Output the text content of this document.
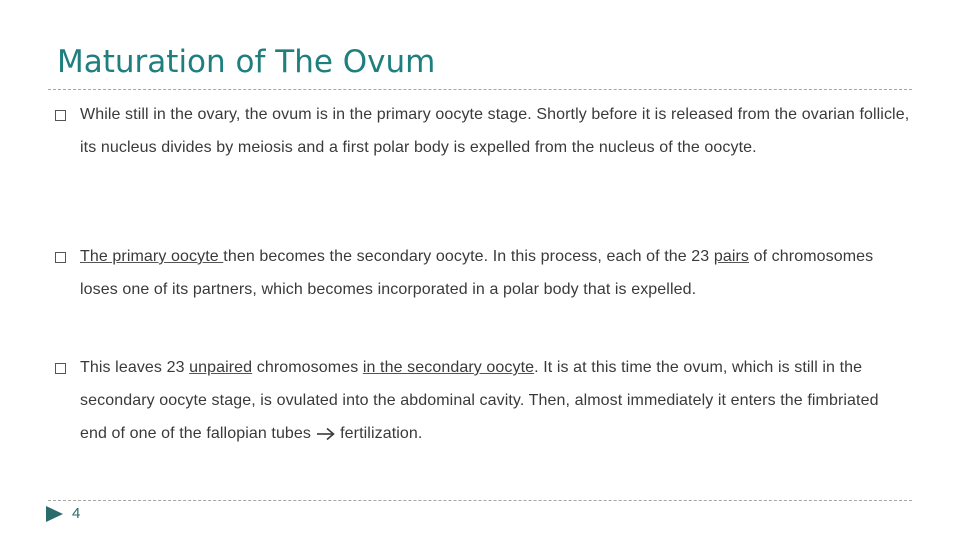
Maturation of The Ovum
While still in the ovary, the ovum is in the primary oocyte stage. Shortly before it is released from the ovarian follicle, its nucleus divides by meiosis and a first polar body is expelled from the nucleus of the oocyte.
The primary oocyte then becomes the secondary oocyte. In this process, each of the 23 pairs of chromosomes loses one of its partners, which becomes incorporated in a polar body that is expelled.
This leaves 23 unpaired chromosomes in the secondary oocyte. It is at this time the ovum, which is still in the secondary oocyte stage, is ovulated into the abdominal cavity. Then, almost immediately it enters the fimbriated end of one of the fallopian tubes  fertilization.
4
